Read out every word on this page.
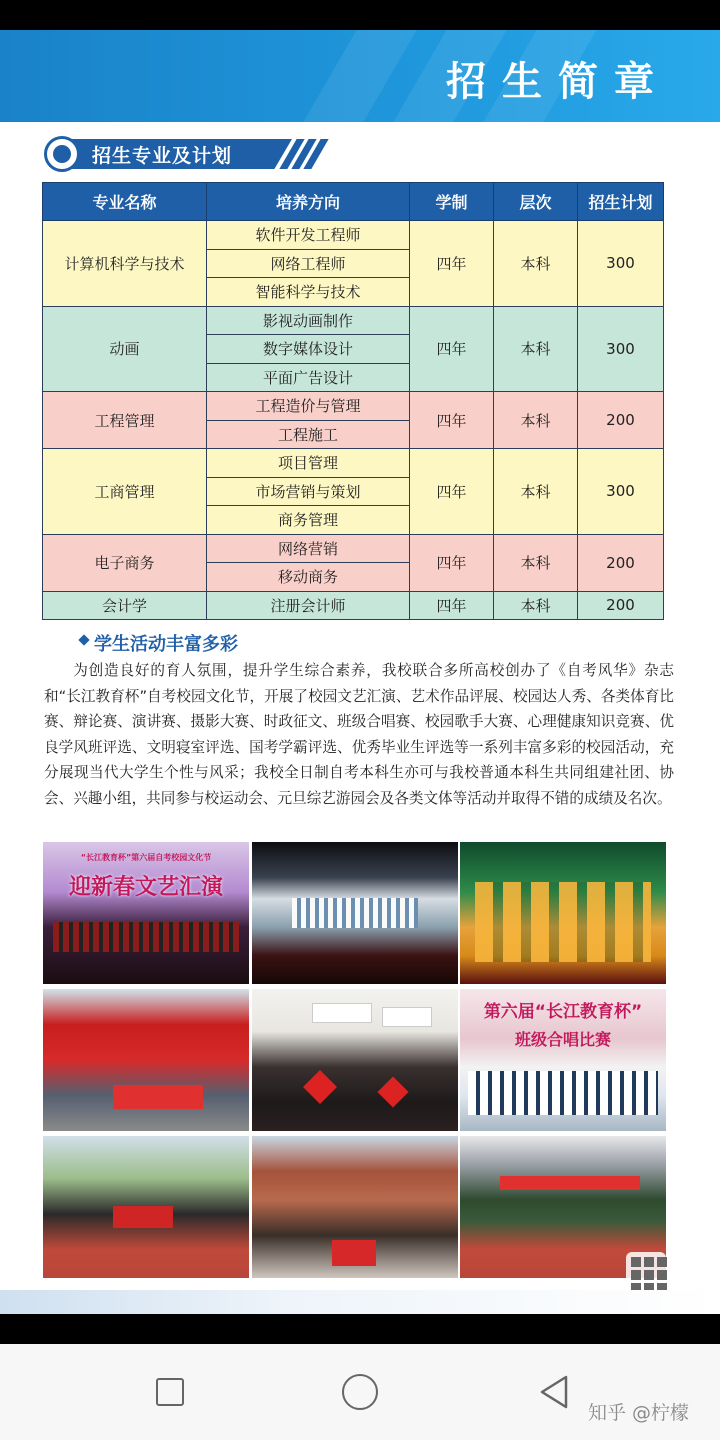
招生简章
招生专业及计划
专业名称	培养方向	学制	层次	招生计划
计算机科学与技术	软件开发工程师	四年	本科	300
	网络工程师			
	智能科学与技术			
动画	影视动画制作	四年	本科	300
	数字媒体设计			
	平面广告设计			
工程管理	工程造价与管理	四年	本科	200
	工程施工			
工商管理	项目管理	四年	本科	300
	市场营销与策划			
	商务管理			
电子商务	网络营销	四年	本科	200
	移动商务			
会计学	注册会计师	四年	本科	200
学生活动丰富多彩

为创造良好的育人氛围，提升学生综合素养，我校联合多所高校创办了《自考风华》杂志和“长江教育杯”自考校园文化节，开展了校园文艺汇演、艺术作品评展、校园达人秀、各类体育比赛、辩论赛、演讲赛、摄影大赛、时政征文、班级合唱赛、校园歌手大赛、心理健康知识竞赛、优良学风班评选、文明寝室评选、国考学霸评选、优秀毕业生评选等一系列丰富多彩的校园活动，充分展现当代大学生个性与风采；我校全日制自考本科生亦可与我校普通本科生共同组建社团、协会、兴趣小组，共同参与校运动会、元旦综艺游园会及各类文体等活动并取得不错的成绩及名次。

“长江教育杯”第六届自考校园文化节
迎新春文艺汇演
第六届“长江教育杯”
班级合唱比赛
知乎 @柠檬
